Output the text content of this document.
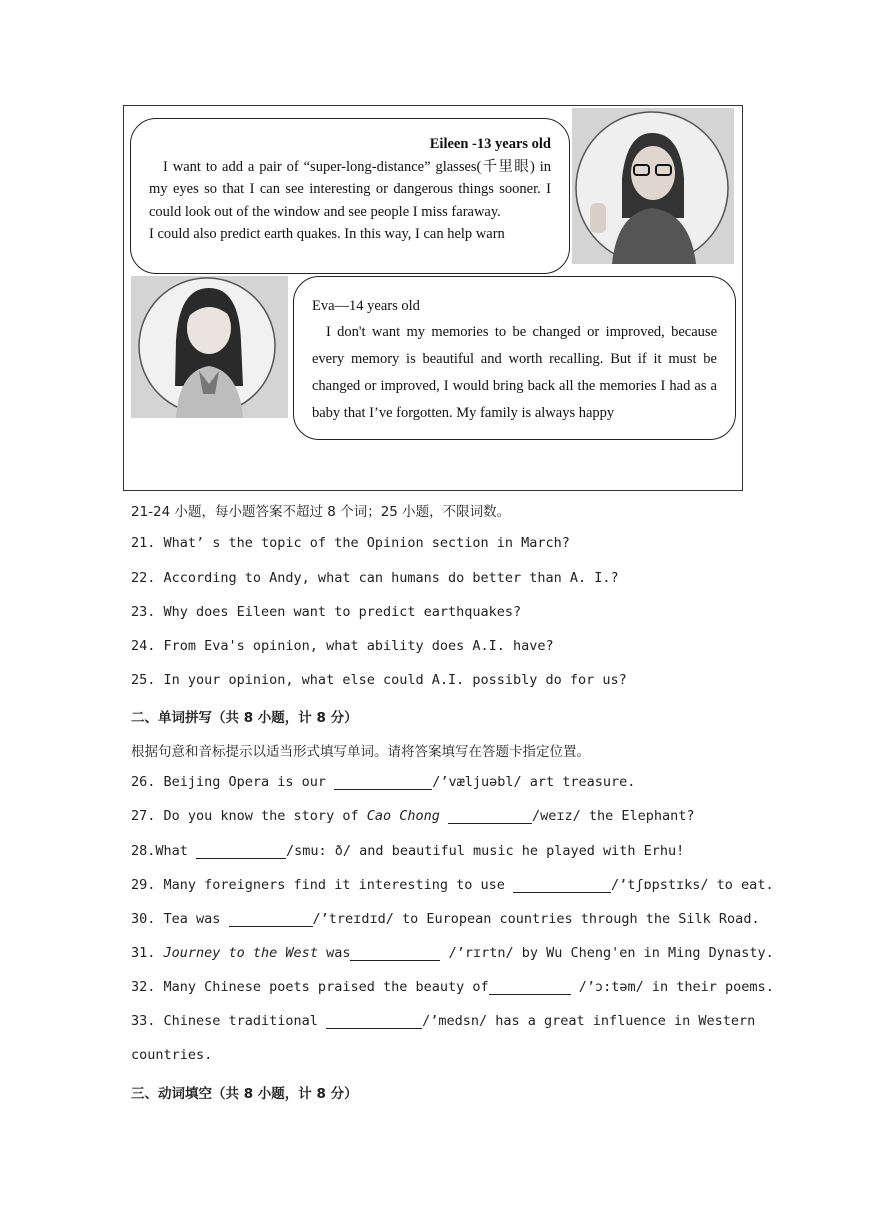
Eileen -13 years old

I want to add a pair of “super-long-distance” glasses(千里眼) in my eyes so that I can see interesting or dangerous things sooner. I could look out of the window and see people I miss faraway.

I could also predict earth quakes. In this way, I can help warn

Eva—14 years old

I don't want my memories to be changed or improved, because every memory is beautiful and worth recalling. But if it must be changed or improved, I would bring back all the memories I had as a baby that I’ve forgotten. My family is always happy

21-24 小题，每小题答案不超过 8 个词；25 小题，不限词数。
21. What’ s the topic of the Opinion section in March?
22. According to Andy, what can humans do better than A. I.?
23. Why does Eileen want to predict earthquakes?
24. From Eva's opinion, what ability does A.I. have?
25. In your opinion, what else could A.I. possibly do for us?
二、单词拼写（共 8 小题，计 8 分）
根据句意和音标提示以适当形式填写单词。请将答案填写在答题卡指定位置。
26. Beijing Opera is our	/’væljuəbl/ art treasure.
27. Do you know the story of Cao Chong	/weɪz/ the Elephant?
28.What	/smu: ð/ and beautiful music he played with Erhu!
29. Many foreigners find it interesting to use	/’tʃɒpstɪks/ to eat.
30. Tea was	/’treɪdɪd/ to European countries through the Silk Road.
31. Journey to the West was	/’rɪrtn/ by Wu Cheng'en in Ming Dynasty.
32. Many Chinese poets praised the beauty of	/’ɔ:təm/ in their poems.
33. Chinese traditional	/’medsn/ has a great influence in Western
countries.
三、动词填空（共 8 小题，计 8 分）
